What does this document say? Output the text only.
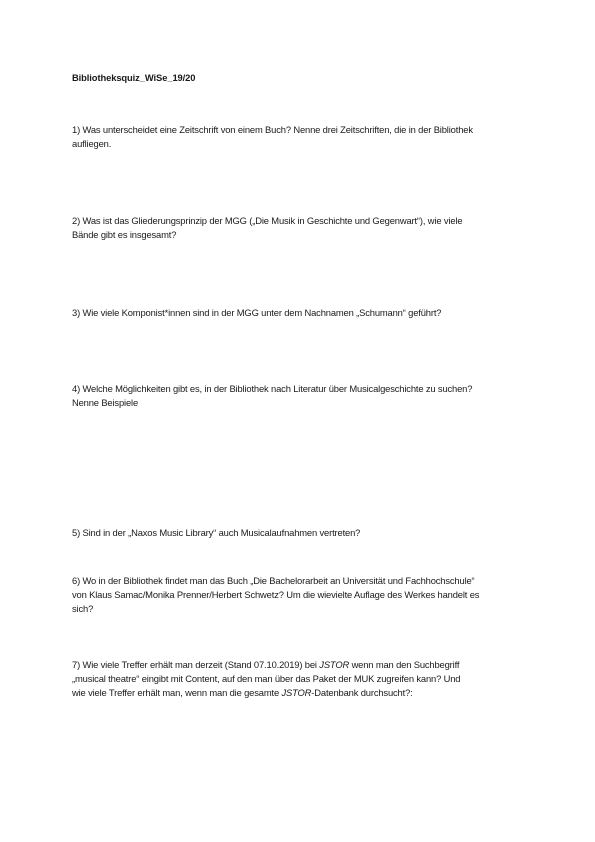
Bibliotheksquiz_WiSe_19/20
1) Was unterscheidet eine Zeitschrift von einem Buch? Nenne drei Zeitschriften, die in der Bibliothek
aufliegen.
2) Was ist das Gliederungsprinzip der MGG („Die Musik in Geschichte und Gegenwart“), wie viele
Bände gibt es insgesamt?
3) Wie viele Komponist*innen sind in der MGG unter dem Nachnamen „Schumann“ geführt?
4) Welche Möglichkeiten gibt es, in der Bibliothek nach Literatur über Musicalgeschichte zu suchen?
Nenne Beispiele
5) Sind in der „Naxos Music Library“ auch Musicalaufnahmen vertreten?
6) Wo in der Bibliothek findet man das Buch „Die Bachelorarbeit an Universität und Fachhochschule“
von Klaus Samac/Monika Prenner/Herbert Schwetz? Um die wievielte Auflage des Werkes handelt es
sich?
7) Wie viele Treffer erhält man derzeit (Stand 07.10.2019) bei JSTOR wenn man den Suchbegriff
„musical theatre“ eingibt mit Content, auf den man über das Paket der MUK zugreifen kann? Und
wie viele Treffer erhält man, wenn man die gesamte JSTOR-Datenbank durchsucht?:
